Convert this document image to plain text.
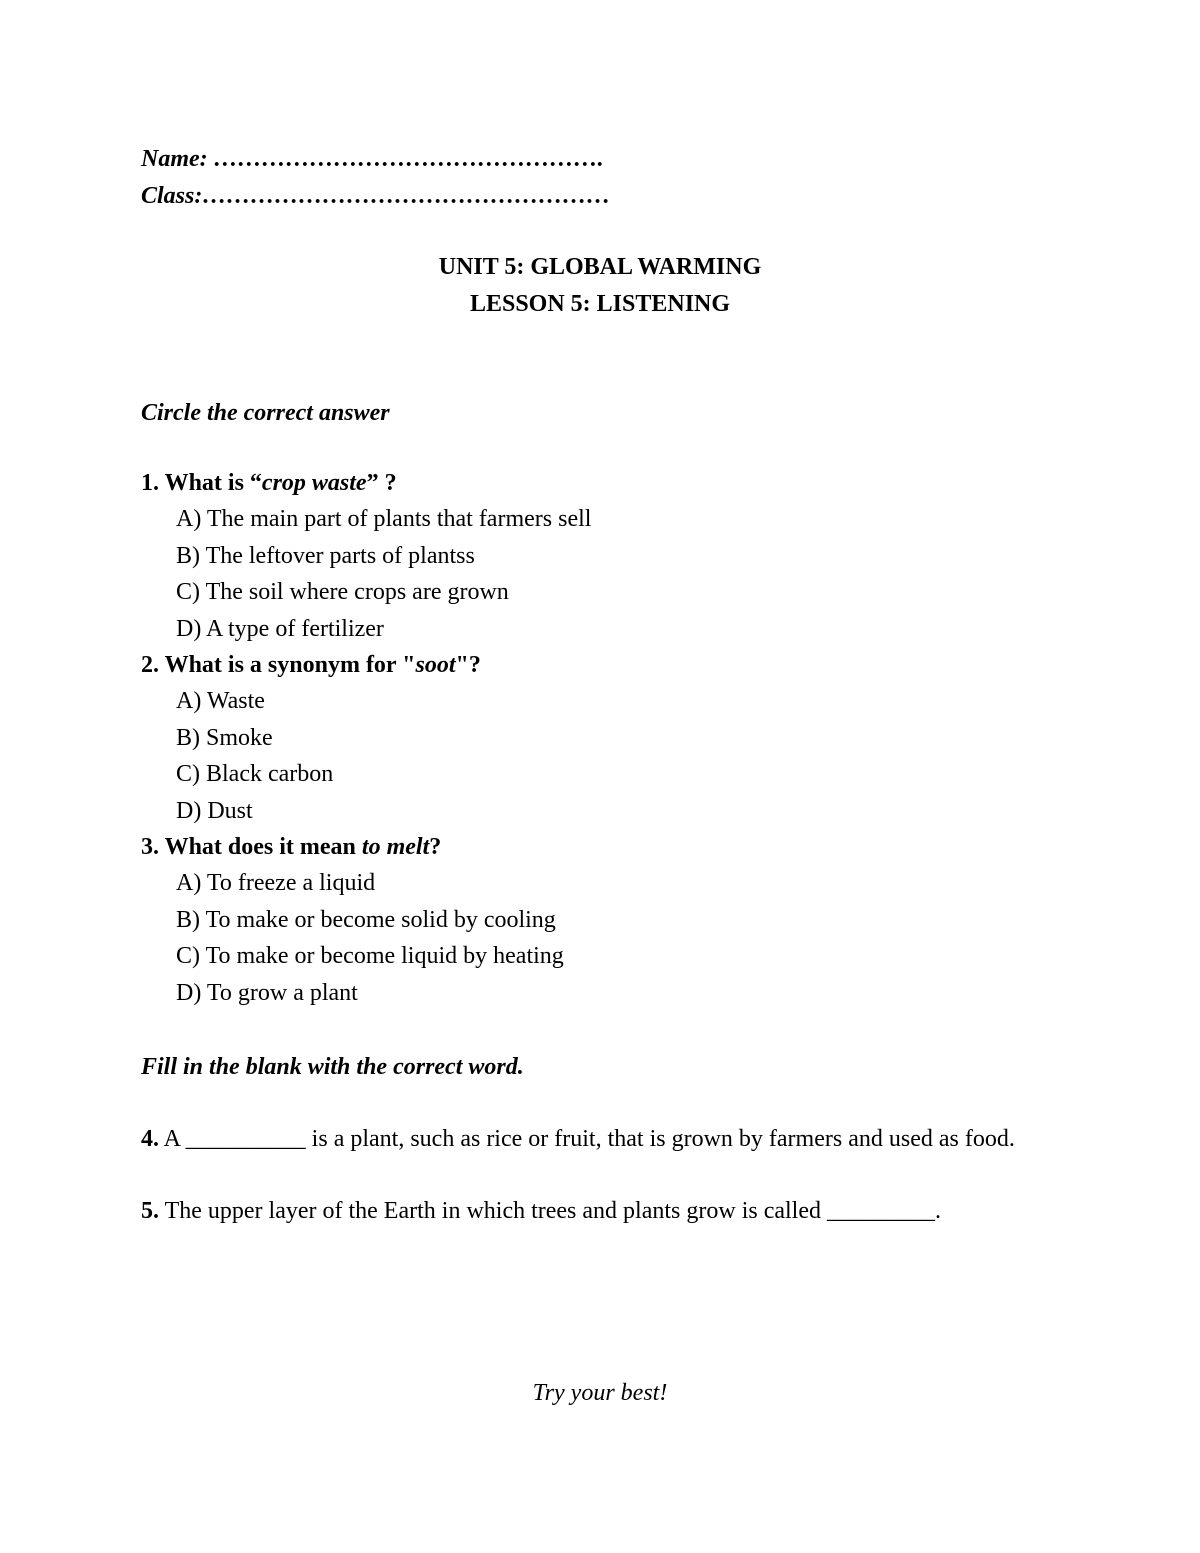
Name: ………………………………………….
Class:……………………………………………
UNIT 5: GLOBAL WARMING
LESSON 5: LISTENING
Circle the correct answer
1. What is “crop waste” ?
A) The main part of plants that farmers sell
B) The leftover parts of plantss
C) The soil where crops are grown
D) A type of fertilizer
2. What is a synonym for "soot"?
A) Waste
B) Smoke
C) Black carbon
D) Dust
3. What does it mean to melt?
A) To freeze a liquid
B) To make or become solid by cooling
C) To make or become liquid by heating
D) To grow a plant
Fill in the blank with the correct word.
4. A __________ is a plant, such as rice or fruit, that is grown by farmers and used as food.
5. The upper layer of the Earth in which trees and plants grow is called _________.
Try your best!
